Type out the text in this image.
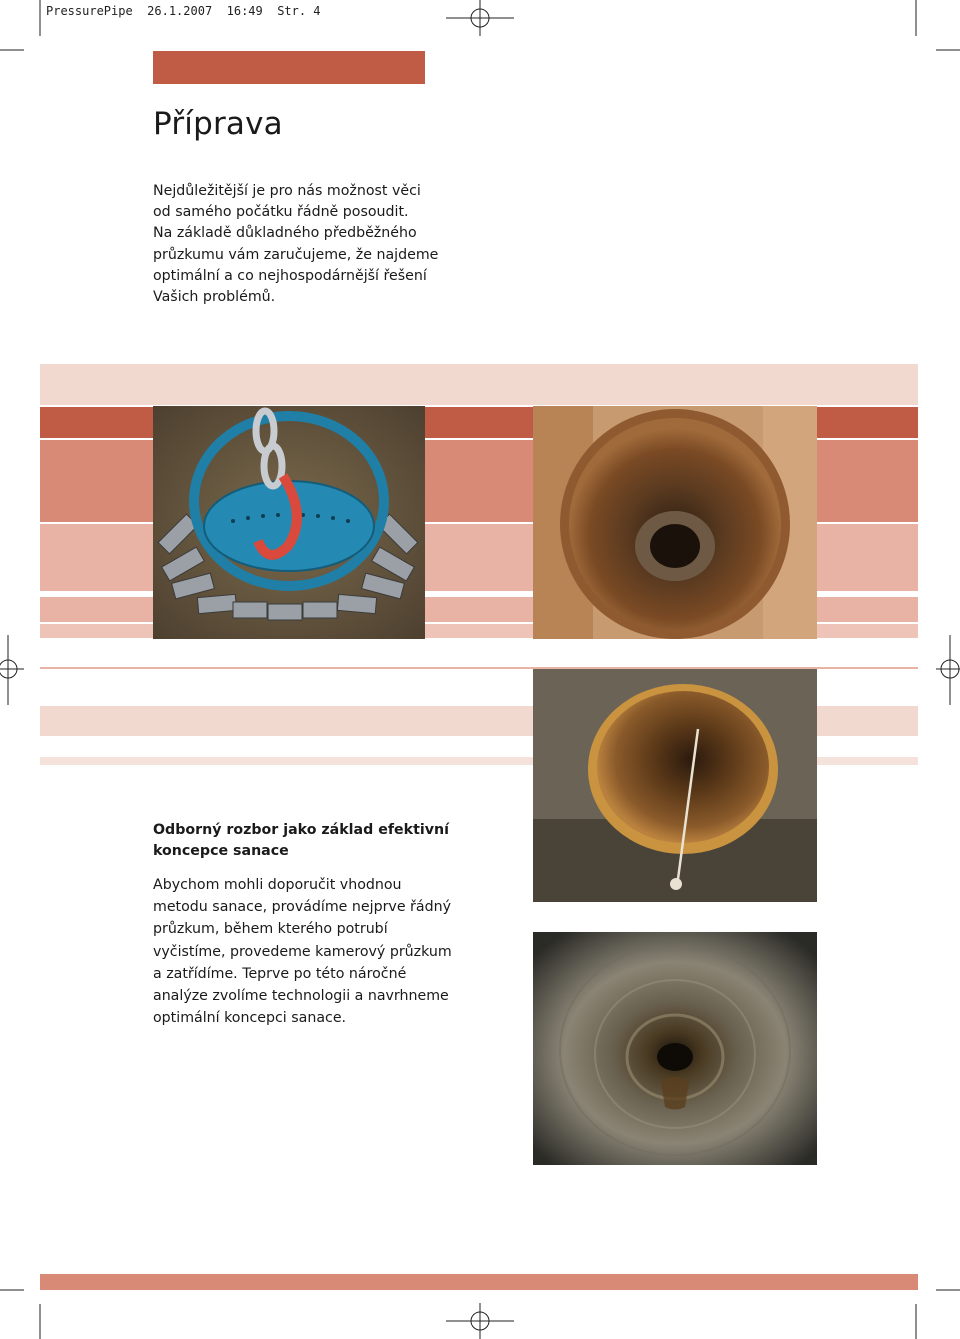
PressurePipe  26.1.2007  16:49  Str. 4
Příprava
Nejdůležitější je pro nás možnost věci
od samého počátku řádně posoudit.
Na základě důkladného předběžného
průzkumu vám zaručujeme, že najdeme
optimální a co nejhospodárnější řešení
Vašich problémů.
Odborný rozbor jako základ efektivní
koncepce sanace
Abychom mohli doporučit vhodnou
metodu sanace, provádíme nejprve řádný
průzkum, během kterého potrubí
vyčistíme, provedeme kamerový průzkum
a zatřídíme. Teprve po této náročné
analýze zvolíme technologii a navrhneme
optimální koncepci sanace.
